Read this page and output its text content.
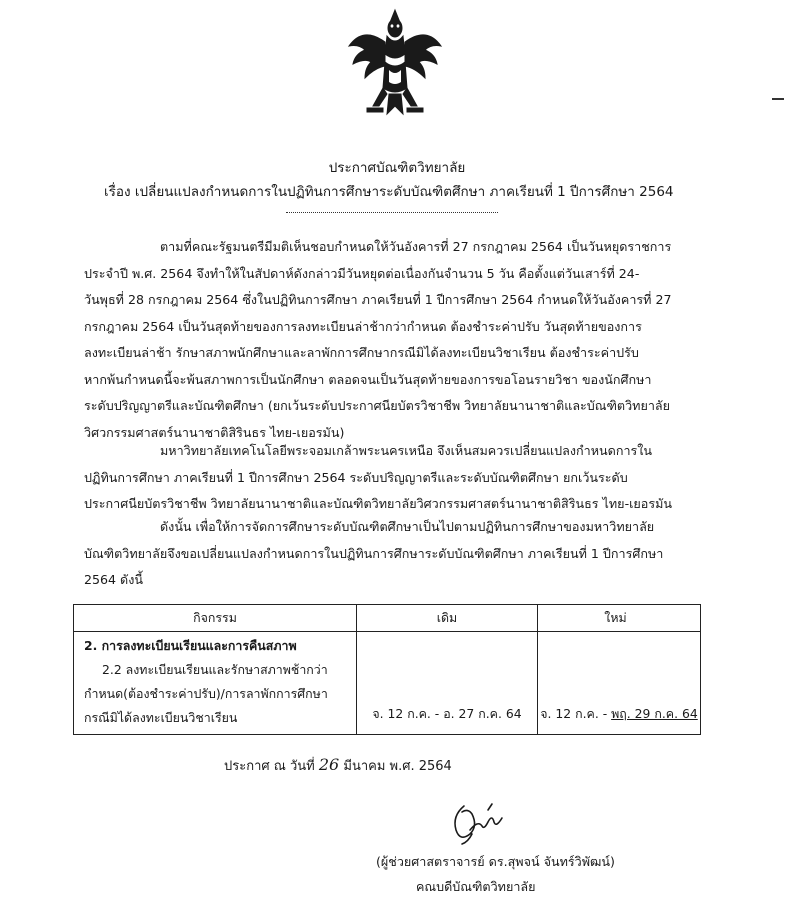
ประกาศบัณฑิตวิทยาลัย
เรื่อง เปลี่ยนแปลงกำหนดการในปฏิทินการศึกษาระดับบัณฑิตศึกษา ภาคเรียนที่ 1 ปีการศึกษา 2564
ตามที่คณะรัฐมนตรีมีมติเห็นชอบกำหนดให้วันอังคารที่ 27 กรกฎาคม 2564 เป็นวันหยุดราชการ
ประจำปี พ.ศ. 2564 จึงทำให้ในสัปดาห์ดังกล่าวมีวันหยุดต่อเนื่องกันจำนวน 5 วัน คือตั้งแต่วันเสาร์ที่ 24-
วันพุธที่ 28 กรกฎาคม 2564 ซึ่งในปฏิทินการศึกษา ภาคเรียนที่ 1 ปีการศึกษา 2564 กำหนดให้วันอังคารที่ 27
กรกฎาคม 2564 เป็นวันสุดท้ายของการลงทะเบียนล่าช้ากว่ากำหนด ต้องชำระค่าปรับ วันสุดท้ายของการ
ลงทะเบียนล่าช้า รักษาสภาพนักศึกษาและลาพักการศึกษากรณีมิได้ลงทะเบียนวิชาเรียน ต้องชำระค่าปรับ
หากพ้นกำหนดนี้จะพ้นสภาพการเป็นนักศึกษา ตลอดจนเป็นวันสุดท้ายของการขอโอนรายวิชา ของนักศึกษา
ระดับปริญญาตรีและบัณฑิตศึกษา (ยกเว้นระดับประกาศนียบัตรวิชาชีพ วิทยาลัยนานาชาติและบัณฑิตวิทยาลัย
วิศวกรรมศาสตร์นานาชาติสิรินธร ไทย-เยอรมัน)
มหาวิทยาลัยเทคโนโลยีพระจอมเกล้าพระนครเหนือ จึงเห็นสมควรเปลี่ยนแปลงกำหนดการใน
ปฏิทินการศึกษา ภาคเรียนที่ 1 ปีการศึกษา 2564 ระดับปริญญาตรีและระดับบัณฑิตศึกษา ยกเว้นระดับ
ประกาศนียบัตรวิชาชีพ วิทยาลัยนานาชาติและบัณฑิตวิทยาลัยวิศวกรรมศาสตร์นานาชาติสิรินธร ไทย-เยอรมัน
ดังนั้น เพื่อให้การจัดการศึกษาระดับบัณฑิตศึกษาเป็นไปตามปฏิทินการศึกษาของมหาวิทยาลัย
บัณฑิตวิทยาลัยจึงขอเปลี่ยนแปลงกำหนดการในปฏิทินการศึกษาระดับบัณฑิตศึกษา ภาคเรียนที่ 1 ปีการศึกษา
2564 ดังนี้
กิจกรรม	เดิม	ใหม่

2. การลงทะเบียนเรียนและการคืนสภาพ
2.2 ลงทะเบียนเรียนและรักษาสภาพช้ากว่า
กำหนด(ต้องชำระค่าปรับ)/การลาพักการศึกษา
กรณีมิได้ลงทะเบียนวิชาเรียน	จ. 12 ก.ค. - อ. 27 ก.ค. 64	จ. 12 ก.ค. - พฤ. 29 ก.ค. 64
ประกาศ ณ วันที่ 26 มีนาคม พ.ศ. 2564
(ผู้ช่วยศาสตราจารย์ ดร.สุพจน์ จันทร์วิพัฒน์)
คณบดีบัณฑิตวิทยาลัย
